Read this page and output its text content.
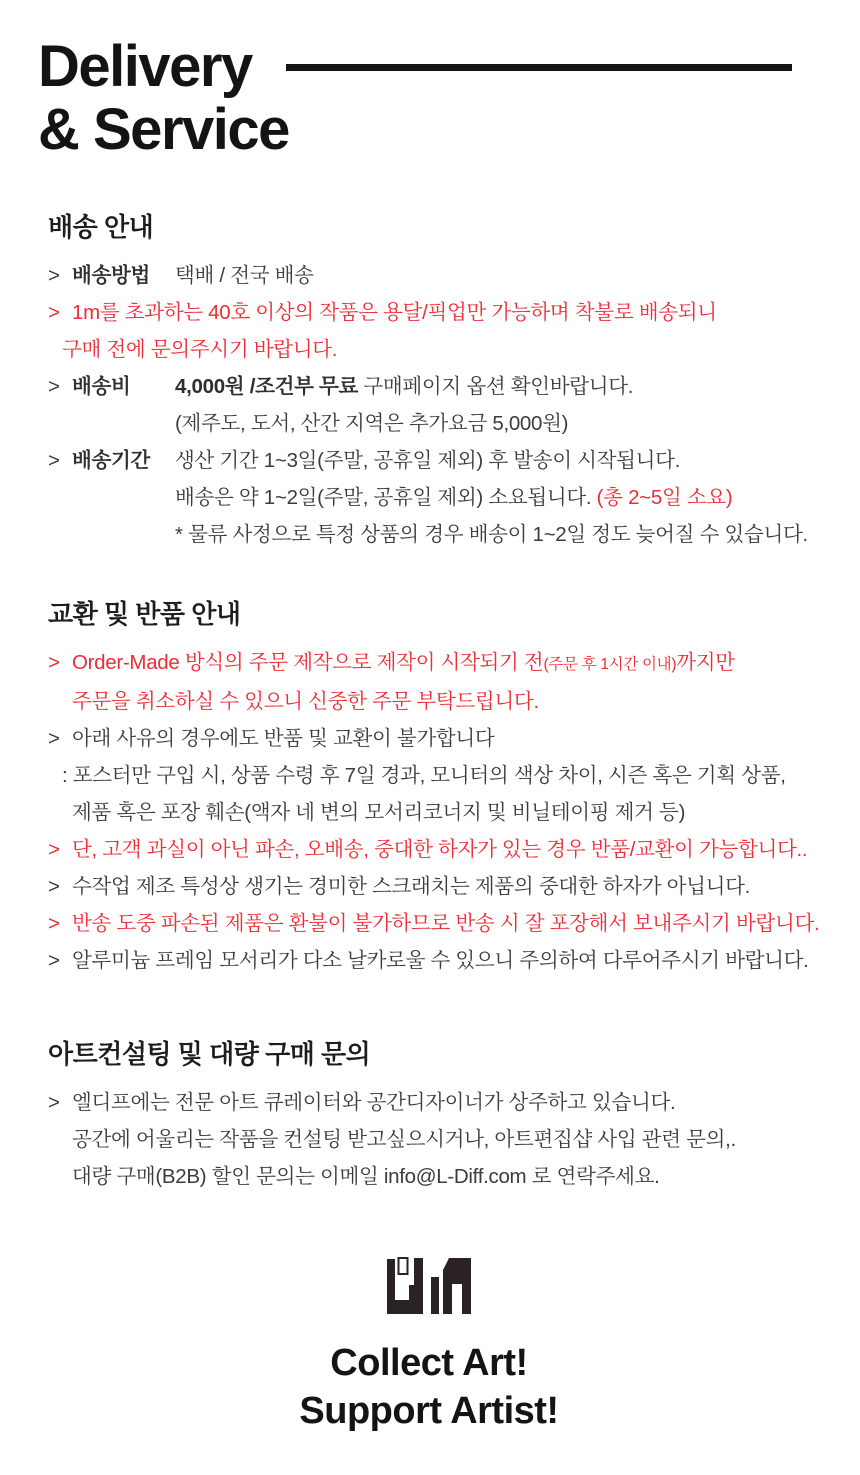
Delivery
& Service
배송 안내
> 배송방법	택배 / 전국 배송
> 1m를 초과하는 40호 이상의 작품은 용달/픽업만 가능하며 착불로 배송되니
구매 전에 문의주시기 바랍니다.
> 배송비	4,000원 /조건부 무료 구매페이지 옵션 확인바랍니다.
(제주도, 도서, 산간 지역은 추가요금 5,000원)
> 배송기간	생산 기간 1~3일(주말, 공휴일 제외) 후 발송이 시작됩니다.
배송은 약 1~2일(주말, 공휴일 제외) 소요됩니다. (총 2~5일 소요)
* 물류 사정으로 특정 상품의 경우 배송이 1~2일 정도 늦어질 수 있습니다.
교환 및 반품 안내
> Order-Made 방식의 주문 제작으로 제작이 시작되기 전(주문 후 1시간 이내)까지만
주문을 취소하실 수 있으니 신중한 주문 부탁드립니다.
> 아래 사유의 경우에도 반품 및 교환이 불가합니다
: 포스터만 구입 시, 상품 수령 후 7일 경과, 모니터의 색상 차이, 시즌 혹은 기획 상품,
제품 혹은 포장 훼손(액자 네 변의 모서리코너지 및 비닐테이핑 제거 등)
> 단, 고객 과실이 아닌 파손, 오배송, 중대한 하자가 있는 경우 반품/교환이 가능합니다..
> 수작업 제조 특성상 생기는 경미한 스크래치는 제품의 중대한 하자가 아닙니다.
> 반송 도중 파손된 제품은 환불이 불가하므로 반송 시 잘 포장해서 보내주시기 바랍니다.
> 알루미늄 프레임 모서리가 다소 날카로울 수 있으니 주의하여 다루어주시기 바랍니다.
아트컨설팅 및 대량 구매 문의
> 엘디프에는 전문 아트 큐레이터와 공간디자이너가 상주하고 있습니다.
공간에 어울리는 작품을 컨설팅 받고싶으시거나, 아트편집샵 사입 관련 문의,.
대량 구매(B2B) 할인 문의는 이메일 info@L-Diff.com 로 연락주세요.
Collect Art!
Support Artist!
